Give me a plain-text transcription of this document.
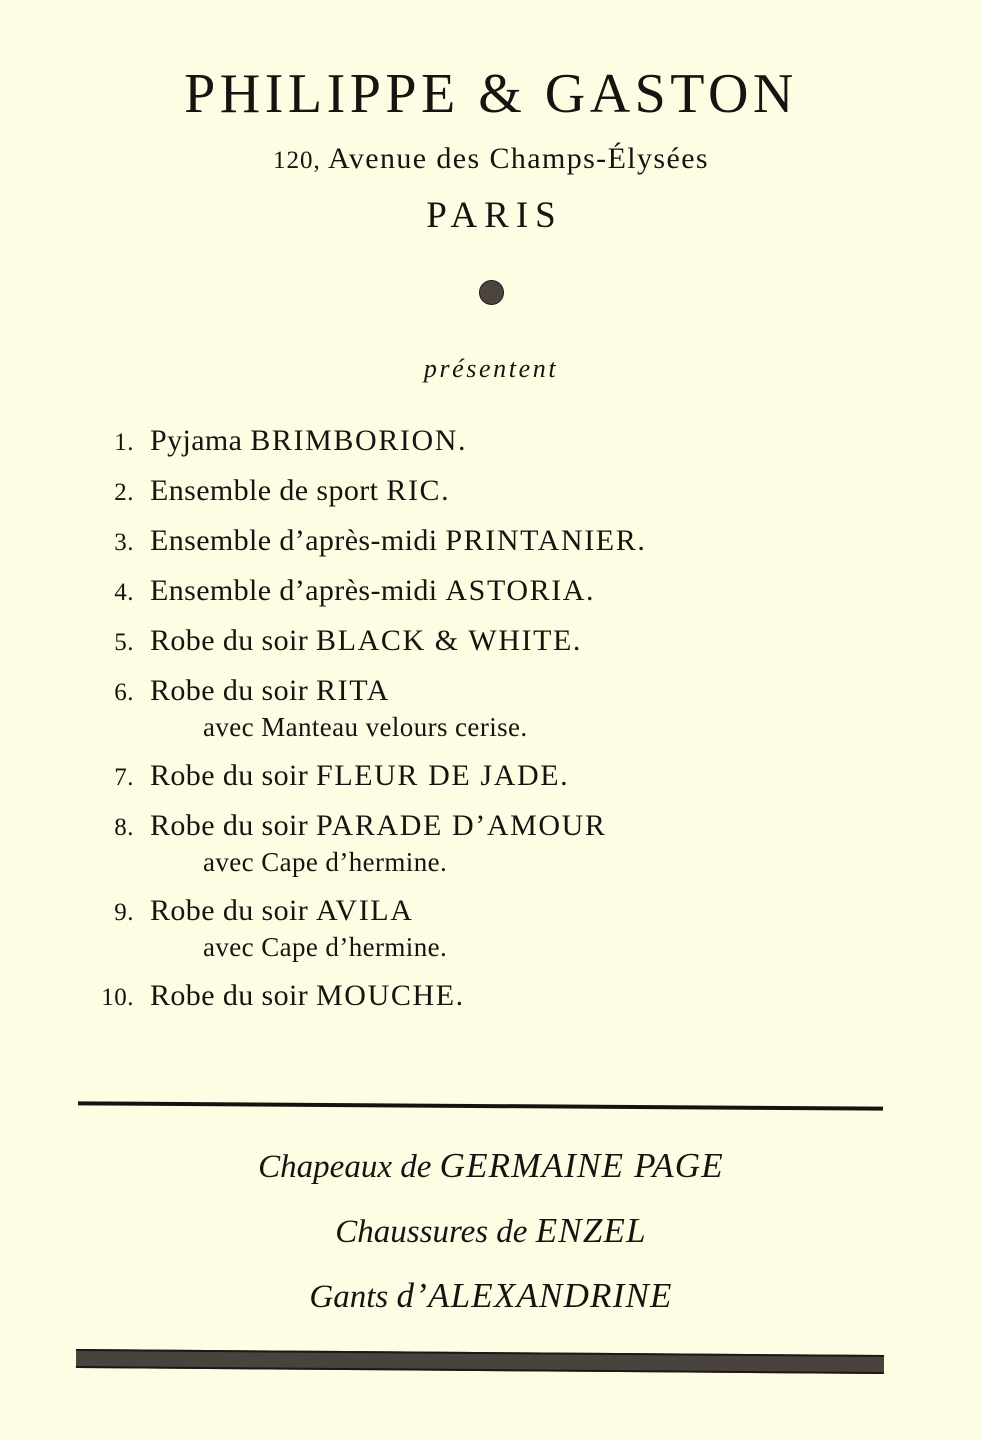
PHILIPPE & GASTON
120, Avenue des Champs-Élysées
PARIS
présentent
1. Pyjama BRIMBORION.
2. Ensemble de sport RIC.
3. Ensemble d’après-midi PRINTANIER.
4. Ensemble d’après-midi ASTORIA.
5. Robe du soir BLACK & WHITE.
6. Robe du soir RITA
avec Manteau velours cerise.
7. Robe du soir FLEUR DE JADE.
8. Robe du soir PARADE D’AMOUR
avec Cape d’hermine.
9. Robe du soir AVILA
avec Cape d’hermine.
10. Robe du soir MOUCHE.
Chapeaux de GERMAINE PAGE
Chaussures de ENZEL
Gants d’ALEXANDRINE
